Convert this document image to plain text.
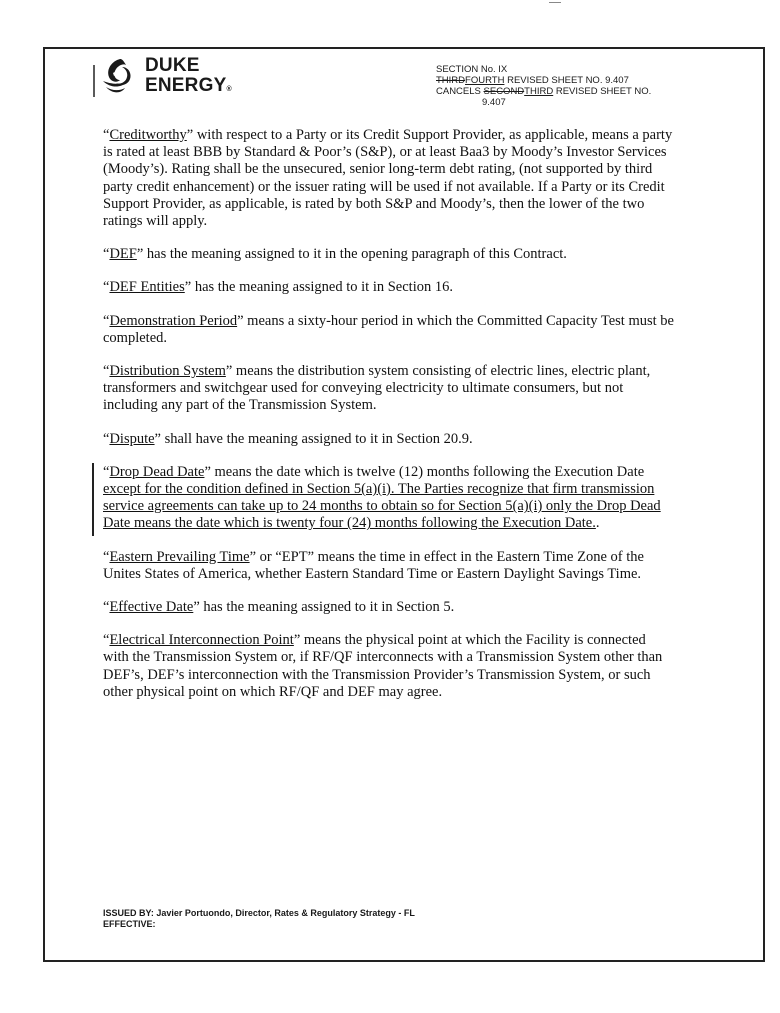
DUKE
ENERGY®
SECTION No. IX
THIRDFOURTH REVISED SHEET NO. 9.407
CANCELS SECONDTHIRD REVISED SHEET NO.
9.407

“Creditworthy” with respect to a Party or its Credit Support Provider, as applicable, means a party is rated at least BBB by Standard & Poor’s (S&P), or at least Baa3 by Moody’s Investor Services (Moody’s). Rating shall be the unsecured, senior long-term debt rating, (not supported by third party credit enhancement) or the issuer rating will be used if not available. If a Party or its Credit Support Provider, as applicable, is rated by both S&P and Moody’s, then the lower of the two ratings will apply.

“DEF” has the meaning assigned to it in the opening paragraph of this Contract.

“DEF Entities” has the meaning assigned to it in Section 16.

“Demonstration Period” means a sixty-hour period in which the Committed Capacity Test must be completed.

“Distribution System” means the distribution system consisting of electric lines, electric plant, transformers and switchgear used for conveying electricity to ultimate consumers, but not including any part of the Transmission System.

“Dispute” shall have the meaning assigned to it in Section 20.9.

“Drop Dead Date” means the date which is twelve (12) months following the Execution Date except for the condition defined in Section 5(a)(i). The Parties recognize that firm transmission service agreements can take up to 24 months to obtain so for Section 5(a)(i) only the Drop Dead Date means the date which is twenty four (24) months following the Execution Date..

“Eastern Prevailing Time” or “EPT” means the time in effect in the Eastern Time Zone of the Unites States of America, whether Eastern Standard Time or Eastern Daylight Savings Time.

“Effective Date” has the meaning assigned to it in Section 5.

“Electrical Interconnection Point” means the physical point at which the Facility is connected with the Transmission System or, if RF/QF interconnects with a Transmission System other than DEF’s, DEF’s interconnection with the Transmission Provider’s Transmission System, or such other physical point on which RF/QF and DEF may agree.

ISSUED BY: Javier Portuondo, Director, Rates & Regulatory Strategy - FL
EFFECTIVE:
